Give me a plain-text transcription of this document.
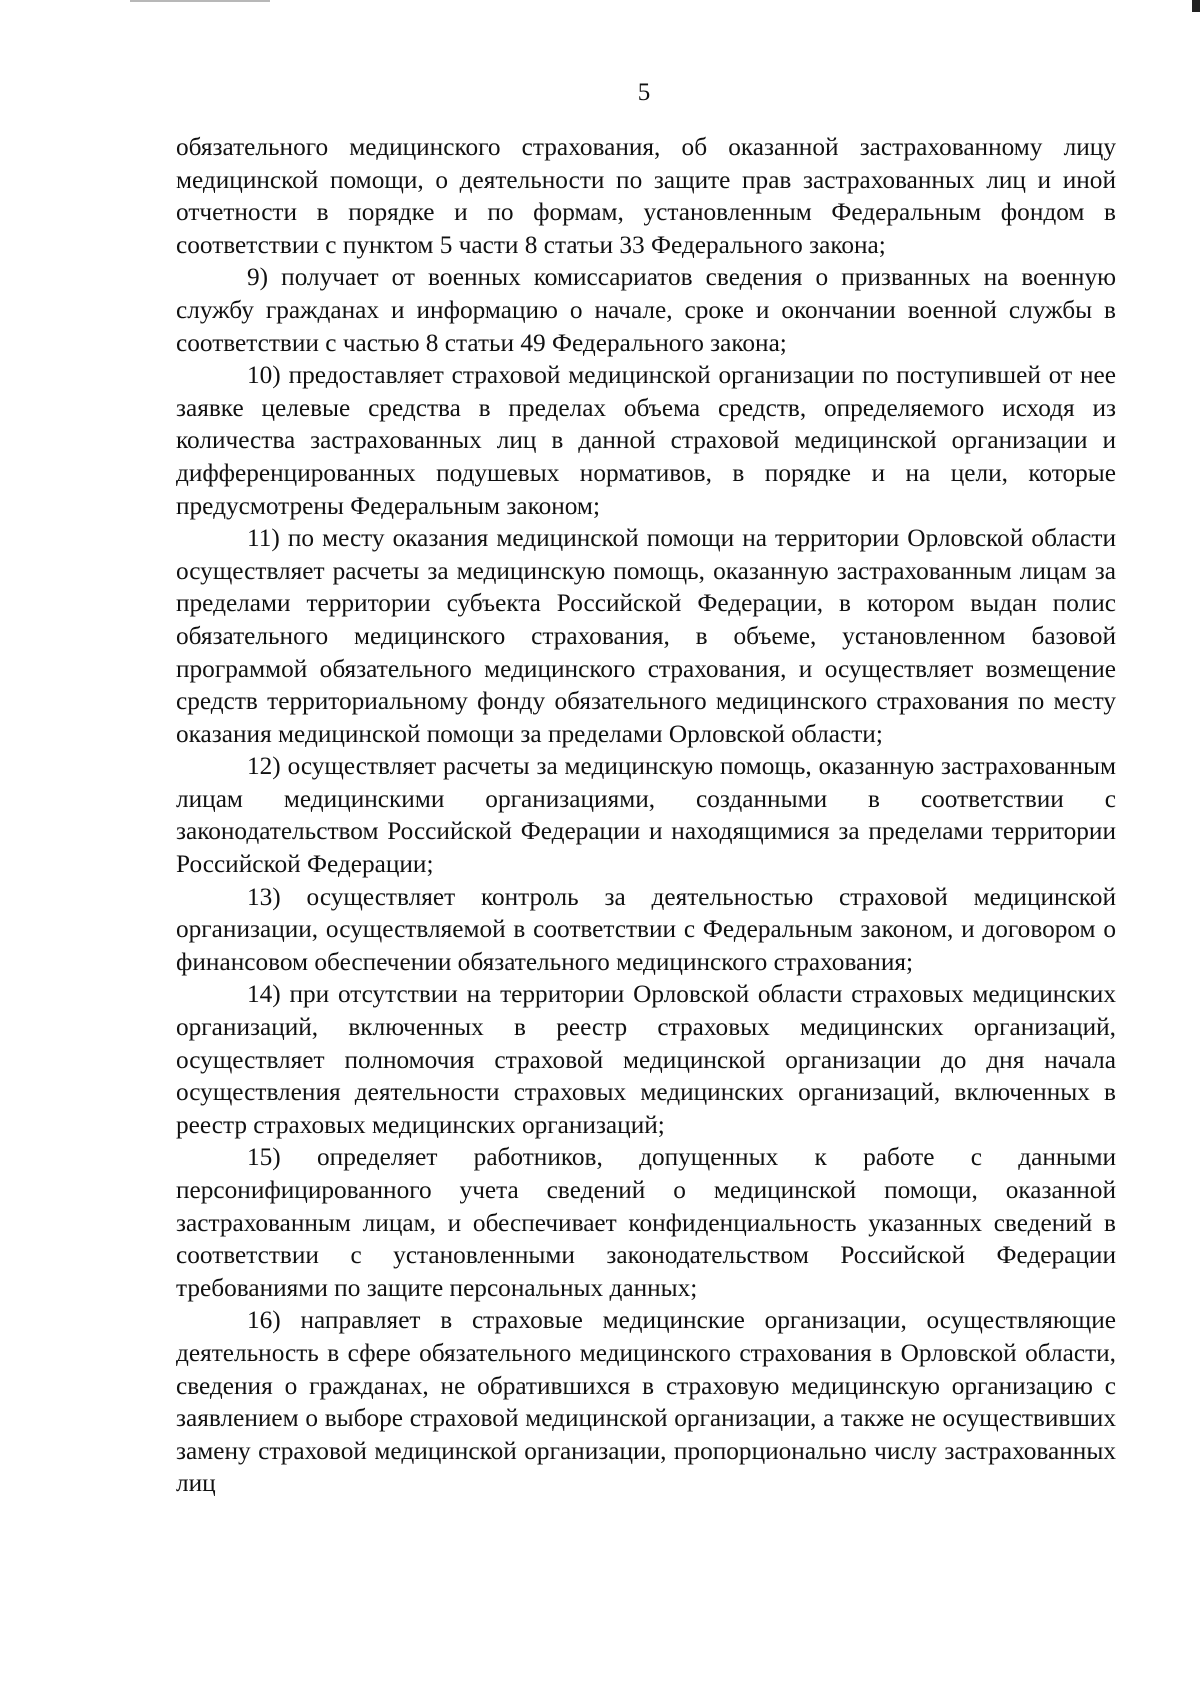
5

обязательного медицинского страхования, об оказанной застрахованному лицу медицинской помощи, о деятельности по защите прав застрахованных лиц и иной отчетности в порядке и по формам, установленным Федеральным фондом в соответствии с пунктом 5 части 8 статьи 33 Федерального закона;

9) получает от военных комиссариатов сведения о призванных на военную службу гражданах и информацию о начале, сроке и окончании военной службы в соответствии с частью 8 статьи 49 Федерального закона;

10) предоставляет страховой медицинской организации по поступившей от нее заявке целевые средства в пределах объема средств, определяемого исходя из количества застрахованных лиц в данной страховой медицинской организации и дифференцированных подушевых нормативов, в порядке и на цели, которые предусмотрены Федеральным законом;

11) по месту оказания медицинской помощи на территории Орловской области осуществляет расчеты за медицинскую помощь, оказанную застрахованным лицам за пределами территории субъекта Российской Федерации, в котором выдан полис обязательного медицинского страхования, в объеме, установленном базовой программой обязательного медицинского страхования, и осуществляет возмещение средств территориальному фонду обязательного медицинского страхования по месту оказания медицинской помощи за пределами Орловской области;

12) осуществляет расчеты за медицинскую помощь, оказанную застрахованным лицам медицинскими организациями, созданными в соответствии с законодательством Российской Федерации и находящимися за пределами территории Российской Федерации;

13) осуществляет контроль за деятельностью страховой медицинской организации, осуществляемой в соответствии с Федеральным законом, и договором о финансовом обеспечении обязательного медицинского страхования;

14) при отсутствии на территории Орловской области страховых медицинских организаций, включенных в реестр страховых медицинских организаций, осуществляет полномочия страховой медицинской организации до дня начала осуществления деятельности страховых медицинских организаций, включенных в реестр страховых медицинских организаций;

15) определяет работников, допущенных к работе с данными персонифицированного учета сведений о медицинской помощи, оказанной застрахованным лицам, и обеспечивает конфиденциальность указанных сведений в соответствии с установленными законодательством Российской Федерации требованиями по защите персональных данных;

16) направляет в страховые медицинские организации, осуществляющие деятельность в сфере обязательного медицинского страхования в Орловской области, сведения о гражданах, не обратившихся в страховую медицинскую организацию с заявлением о выборе страховой медицинской организации, а также не осуществивших замену страховой медицинской организации, пропорционально числу застрахованных лиц
